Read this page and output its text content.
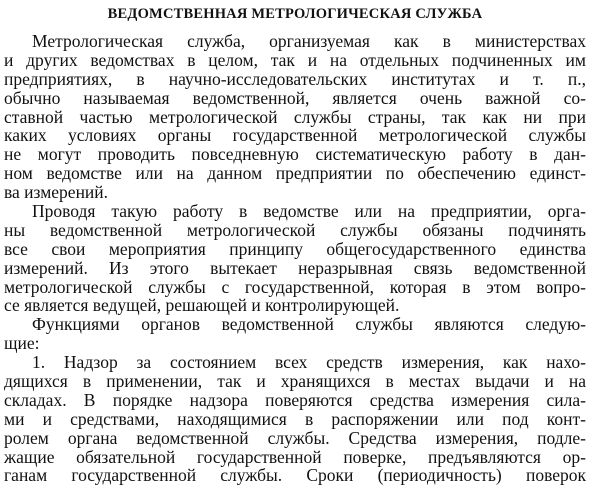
ВЕДОМСТВЕННАЯ МЕТРОЛОГИЧЕСКАЯ СЛУЖБА
Метрологическая служба, организуемая как в министерствах
и других ведомствах в целом, так и на отдельных подчиненных им
предприятиях, в научно-исследовательских институтах и т. п.,
обычно называемая ведомственной, является очень важной со-
ставной частью метрологической службы страны, так как ни при
каких условиях органы государственной метрологической службы
не могут проводить повседневную систематическую работу в дан-
ном ведомстве или на данном предприятии по обеспечению единст-
ва измерений.
Проводя такую работу в ведомстве или на предприятии, орга-
ны ведомственной метрологической службы обязаны подчинять
все свои мероприятия принципу общегосударственного единства
измерений. Из этого вытекает неразрывная связь ведомственной
метрологической службы с государственной, которая в этом вопро-
се является ведущей, решающей и контролирующей.
Функциями органов ведомственной службы являются следую-
щие:
1. Надзор за состоянием всех средств измерения, как нахо-
дящихся в применении, так и хранящихся в местах выдачи и на
складах. В порядке надзора поверяются средства измерения сила-
ми и средствами, находящимися в распоряжении или под конт-
ролем органа ведомственной службы. Средства измерения, подле-
жащие обязательной государственной поверке, предъявляются ор-
ганам государственной службы. Сроки (периодичность) поверок
